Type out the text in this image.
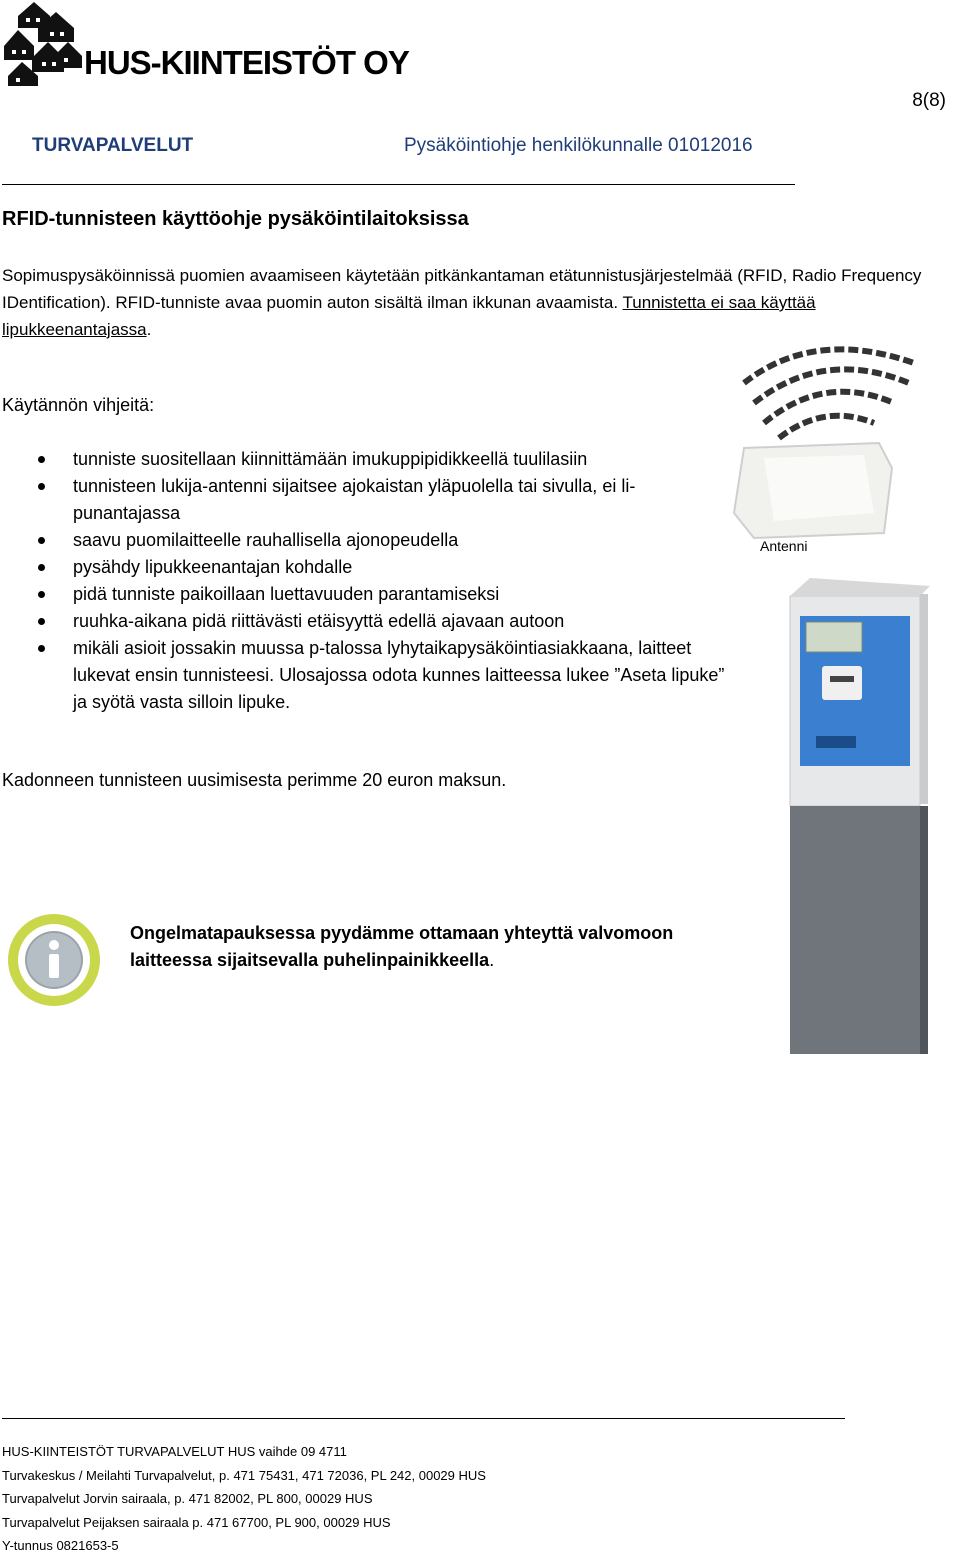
HUS-KIINTEISTÖT OY
8(8)
TURVAPALVELUT	Pysäköintiohje henkilökunnalle 01012016
RFID-tunnisteen käyttöohje pysäköintilaitoksissa
Sopimuspysäköinnissä puomien avaamiseen käytetään pitkänkantaman etätunnistusjärjestelmää (RFID, Radio Frequency IDentification). RFID-tunniste avaa puomin auton sisältä ilman ikkunan avaamista. Tunnistetta ei saa käyttää lipukkeenantajassa.
Käytännön vihjeitä:
tunniste suositellaan kiinnittämään imukuppipidikkeellä tuulilasiin
tunnisteen lukija-antenni sijaitsee ajokaistan yläpuolella tai sivulla, ei li-punantajassa
saavu puomilaitteelle rauhallisella ajonopeudella
pysähdy lipukkeenantajan kohdalle
pidä tunniste paikoillaan luettavuuden parantamiseksi
ruuhka-aikana pidä riittävästi etäisyyttä edellä ajavaan autoon
mikäli asioit jossakin muussa p-talossa lyhytaikapysäköintiasiakkaana, laitteet lukevat ensin tunnisteesi. Ulosajossa odota kunnes laitteessa lukee ”Aseta lipuke” ja syötä vasta silloin lipuke.
Antenni
Kadonneen tunnisteen uusimisesta perimme 20 euron maksun.
Ongelmatapauksessa pyydämme ottamaan yhteyttä valvomoon laitteessa sijaitsevalla puhelinpainikkeella.
HUS-KIINTEISTÖT TURVAPALVELUT HUS vaihde 09 4711
Turvakeskus / Meilahti Turvapalvelut, p. 471 75431, 471 72036, PL 242, 00029 HUS
Turvapalvelut Jorvin sairaala, p. 471 82002, PL 800, 00029 HUS
Turvapalvelut Peijaksen sairaala p. 471 67700, PL 900, 00029 HUS
Y-tunnus 0821653-5
